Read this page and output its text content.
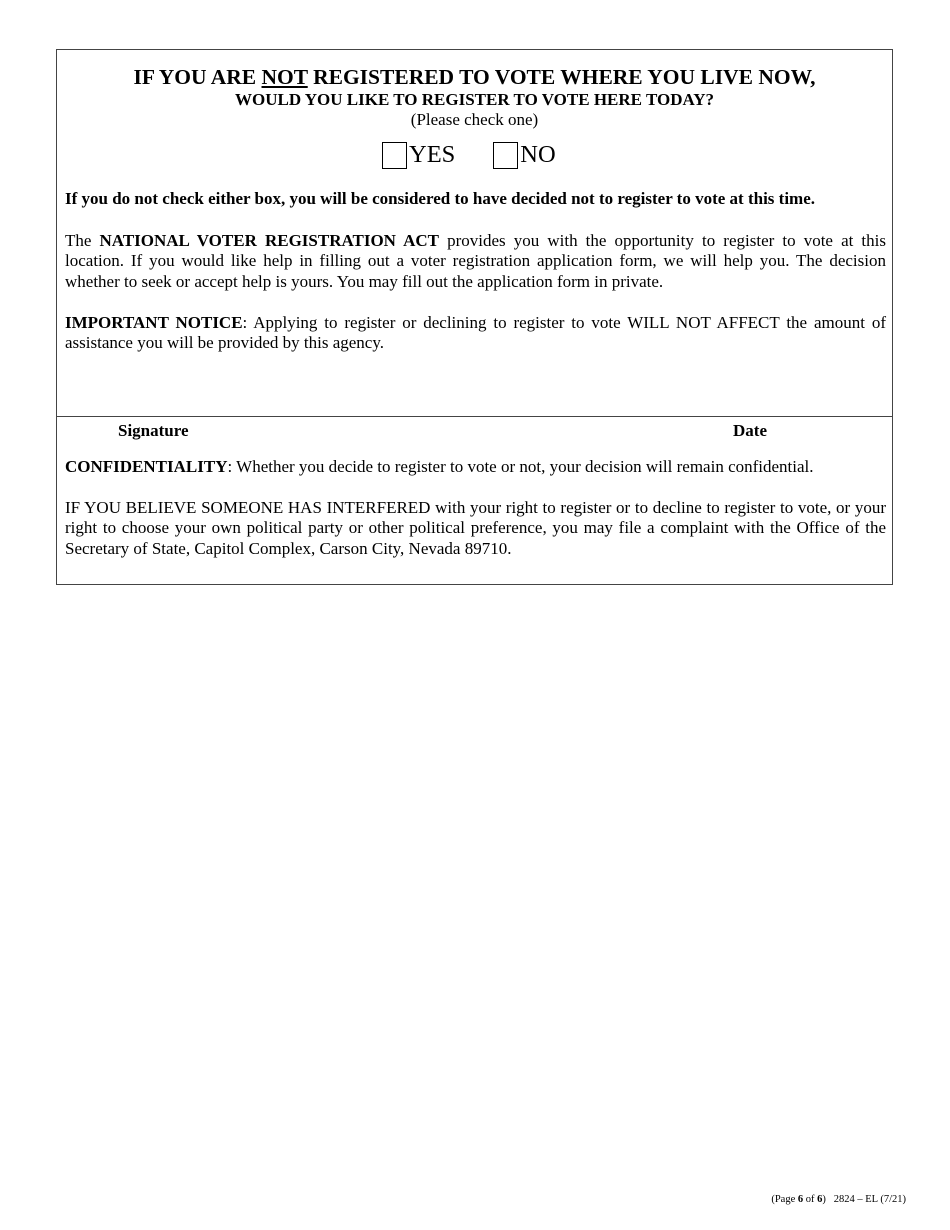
IF YOU ARE NOT REGISTERED TO VOTE WHERE YOU LIVE NOW,
WOULD YOU LIKE TO REGISTER TO VOTE HERE TODAY?
(Please check one)
YES	NO
If you do not check either box, you will be considered to have decided not to register to vote at this time.
The NATIONAL VOTER REGISTRATION ACT provides you with the opportunity to register to vote at this location. If you would like help in filling out a voter registration application form, we will help you. The decision whether to seek or accept help is yours. You may fill out the application form in private.
IMPORTANT NOTICE: Applying to register or declining to register to vote WILL NOT AFFECT the amount of assistance you will be provided by this agency.
Signature	Date
CONFIDENTIALITY: Whether you decide to register to vote or not, your decision will remain confidential.
IF YOU BELIEVE SOMEONE HAS INTERFERED with your right to register or to decline to register to vote, or your right to choose your own political party or other political preference, you may file a complaint with the Office of the Secretary of State, Capitol Complex, Carson City, Nevada 89710.
(Page 6 of 6) 2824 – EL (7/21)
